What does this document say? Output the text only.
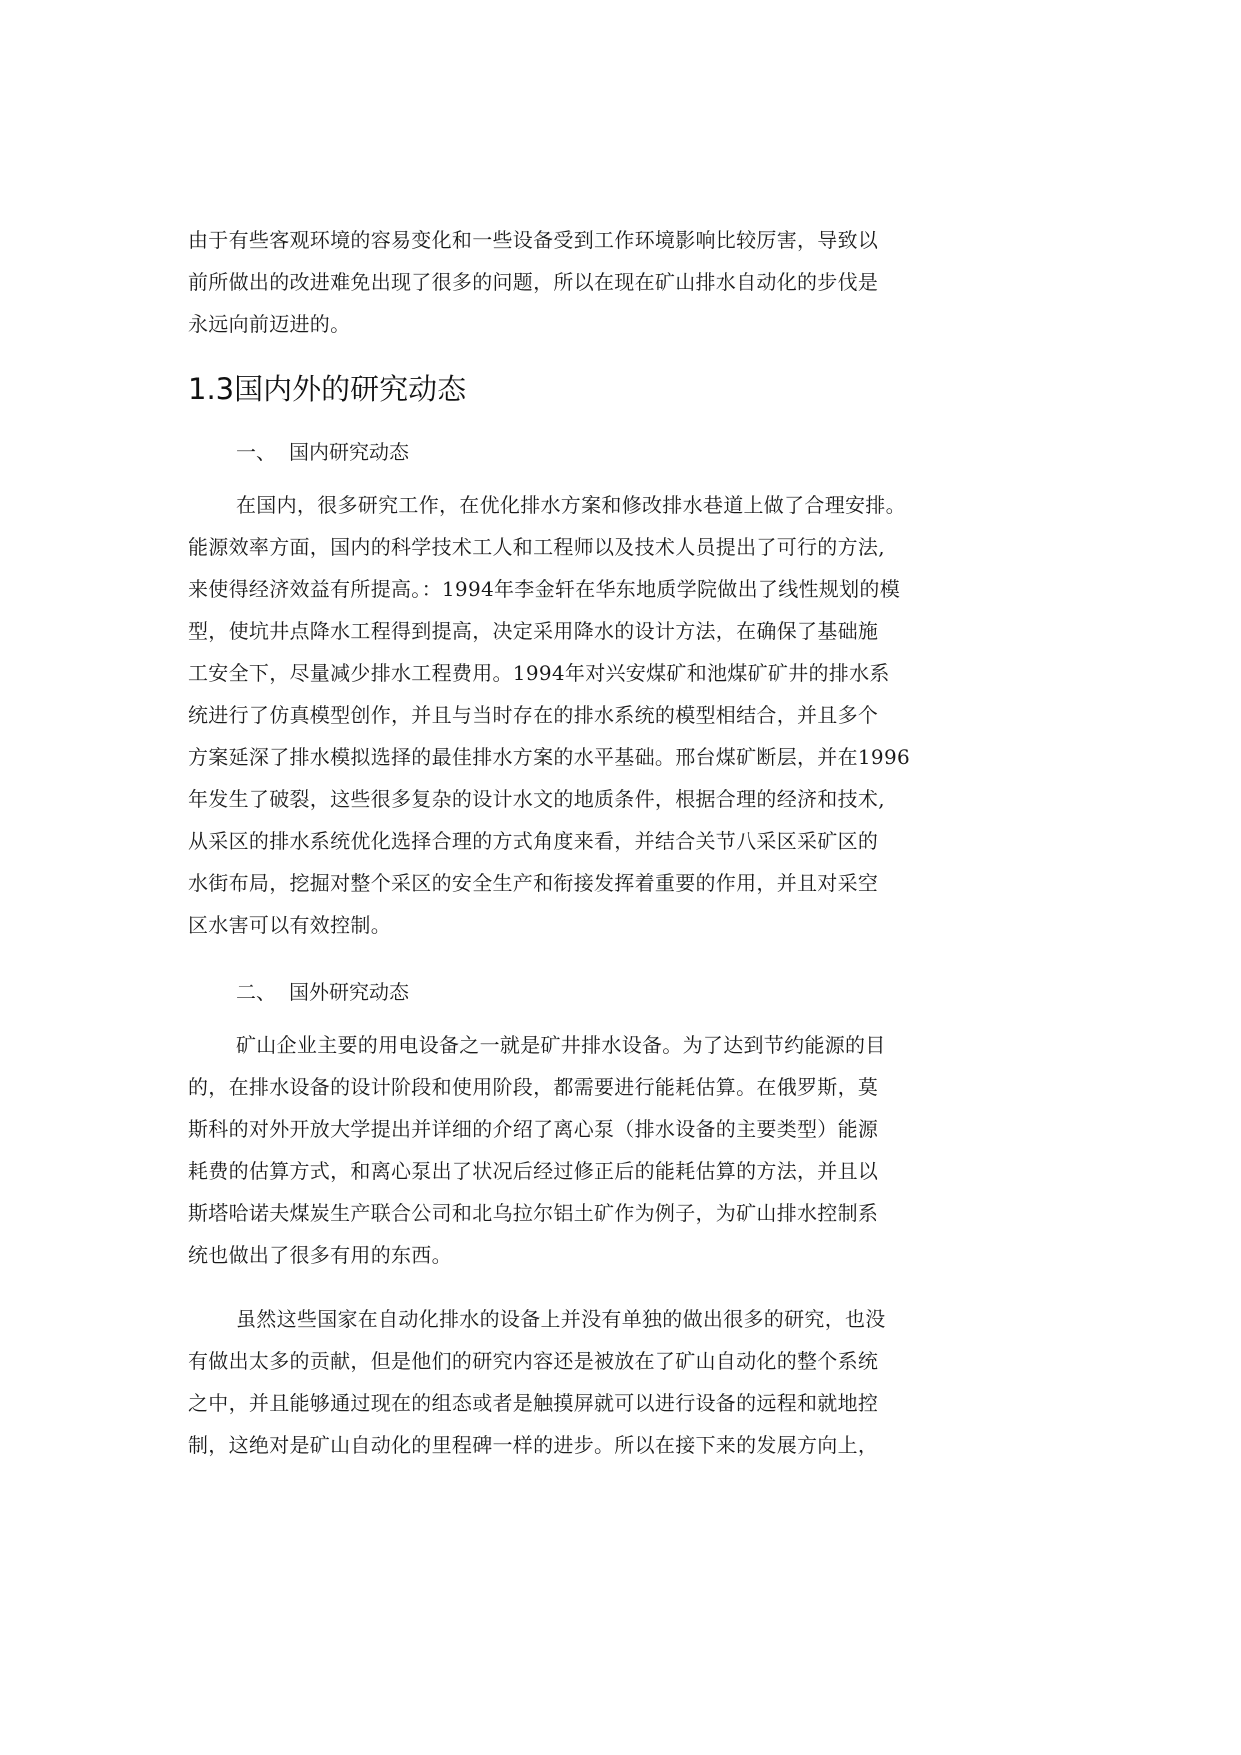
由于有些客观环境的容易变化和一些设备受到工作环境影响比较厉害，导致以
前所做出的改进难免出现了很多的问题，所以在现在矿山排水自动化的步伐是
永远向前迈进的。
1.3国内外的研究动态
一、 国内研究动态
在国内，很多研究工作，在优化排水方案和修改排水巷道上做了合理安排。
能源效率方面，国内的科学技术工人和工程师以及技术人员提出了可行的方法,
来使得经济效益有所提高。：1994年李金轩在华东地质学院做出了线性规划的模
型，使坑井点降水工程得到提高，决定采用降水的设计方法，在确保了基础施
工安全下，尽量减少排水工程费用。1994年对兴安煤矿和池煤矿矿井的排水系
统进行了仿真模型创作，并且与当时存在的排水系统的模型相结合，并且多个
方案延深了排水模拟选择的最佳排水方案的水平基础。邢台煤矿断层，并在1996
年发生了破裂，这些很多复杂的设计水文的地质条件，根据合理的经济和技术,
从采区的排水系统优化选择合理的方式角度来看，并结合关节八采区采矿区的
水街布局，挖掘对整个采区的安全生产和衔接发挥着重要的作用，并且对采空
区水害可以有效控制。
二、 国外研究动态
矿山企业主要的用电设备之一就是矿井排水设备。为了达到节约能源的目
的，在排水设备的设计阶段和使用阶段，都需要进行能耗估算。在俄罗斯，莫
斯科的对外开放大学提出并详细的介绍了离心泵（排水设备的主要类型）能源
耗费的估算方式，和离心泵出了状况后经过修正后的能耗估算的方法，并且以
斯塔哈诺夫煤炭生产联合公司和北乌拉尔铝土矿作为例子，为矿山排水控制系
统也做出了很多有用的东西。
虽然这些国家在自动化排水的设备上并没有单独的做出很多的研究，也没
有做出太多的贡献，但是他们的研究内容还是被放在了矿山自动化的整个系统
之中，并且能够通过现在的组态或者是触摸屏就可以进行设备的远程和就地控
制，这绝对是矿山自动化的里程碑一样的进步。所以在接下来的发展方向上，
